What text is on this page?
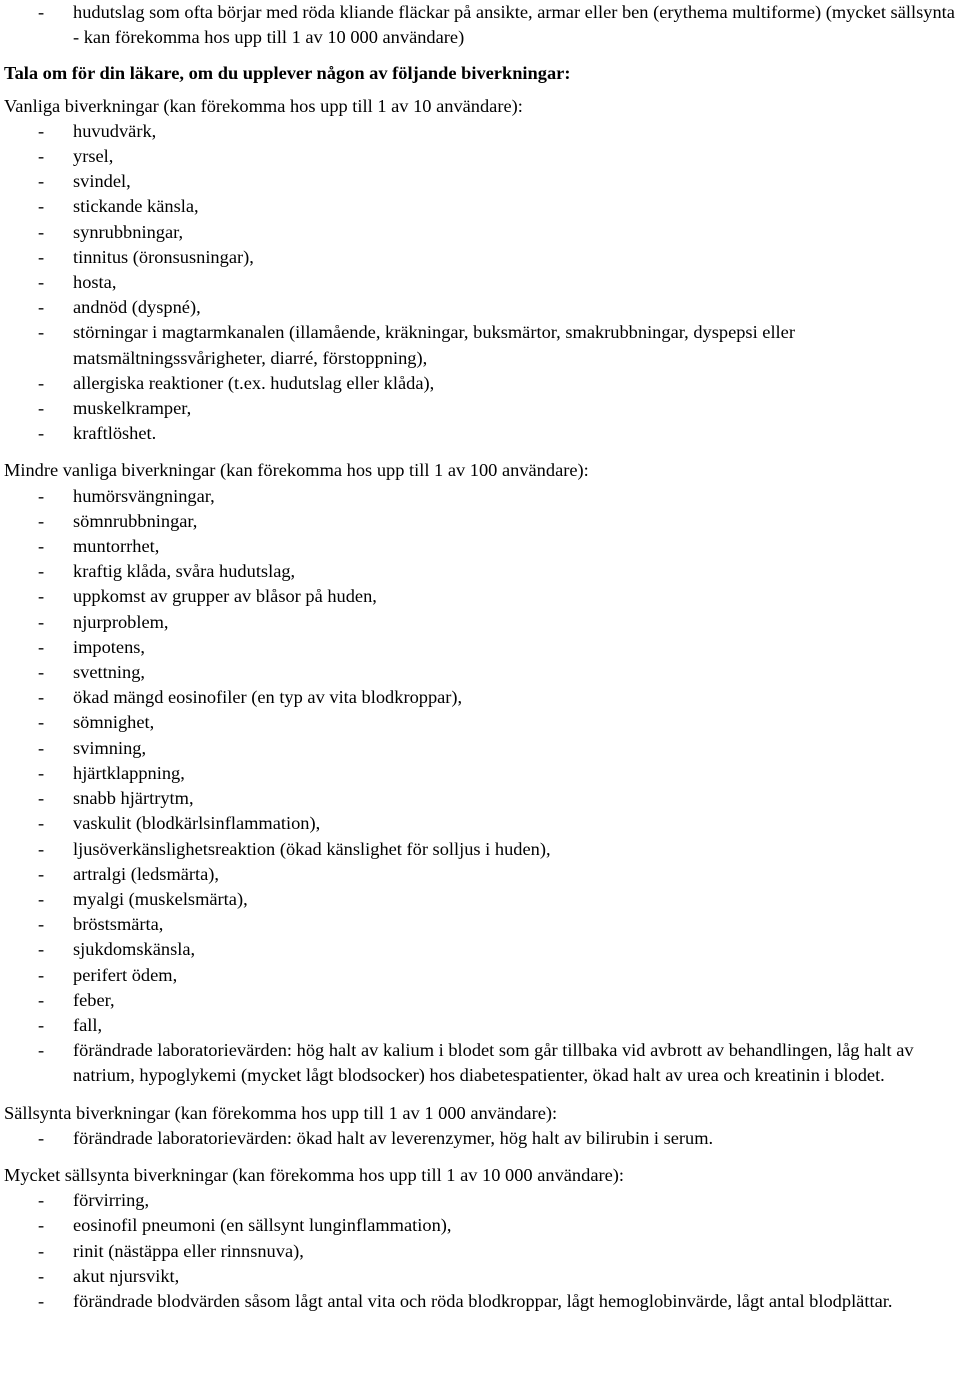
- hudutslag som ofta börjar med röda kliande fläckar på ansikte, armar eller ben (erythema multiforme) (mycket sällsynta - kan förekomma hos upp till 1 av 10 000 användare)

Tala om för din läkare, om du upplever någon av följande biverkningar:

Vanliga biverkningar (kan förekomma hos upp till 1 av 10 användare):

- huvudvärk,

- yrsel,

- svindel,

- stickande känsla,

- synrubbningar,

- tinnitus (öronsusningar),

- hosta,

- andnöd (dyspné),

- störningar i magtarmkanalen (illamående, kräkningar, buksmärtor, smakrubbningar, dyspepsi eller matsmältningssvårigheter, diarré, förstoppning),

- allergiska reaktioner (t.ex. hudutslag eller klåda),

- muskelkramper,

- kraftlöshet.

Mindre vanliga biverkningar (kan förekomma hos upp till 1 av 100 användare):

- humörsvängningar,

- sömnrubbningar,

- muntorrhet,

- kraftig klåda, svåra hudutslag,

- uppkomst av grupper av blåsor på huden,

- njurproblem,

- impotens,

- svettning,

- ökad mängd eosinofiler (en typ av vita blodkroppar),

- sömnighet,

- svimning,

- hjärtklappning,

- snabb hjärtrytm,

- vaskulit (blodkärlsinflammation),

- ljusöverkänslighetsreaktion (ökad känslighet för solljus i huden),

- artralgi (ledsmärta),

- myalgi (muskelsmärta),

- bröstsmärta,

- sjukdomskänsla,

- perifert ödem,

- feber,

- fall,

- förändrade laboratorievärden: hög halt av kalium i blodet som går tillbaka vid avbrott av behandlingen, låg halt av natrium, hypoglykemi (mycket lågt blodsocker) hos diabetespatienter, ökad halt av urea och kreatinin i blodet.

Sällsynta biverkningar (kan förekomma hos upp till 1 av 1 000 användare):

- förändrade laboratorievärden: ökad halt av leverenzymer, hög halt av bilirubin i serum.

Mycket sällsynta biverkningar (kan förekomma hos upp till 1 av 10 000 användare):

- förvirring,

- eosinofil pneumoni (en sällsynt lunginflammation),

- rinit (nästäppa eller rinnsnuva),

- akut njursvikt,

- förändrade blodvärden såsom lågt antal vita och röda blodkroppar, lågt hemoglobinvärde, lågt antal blodplättar.
